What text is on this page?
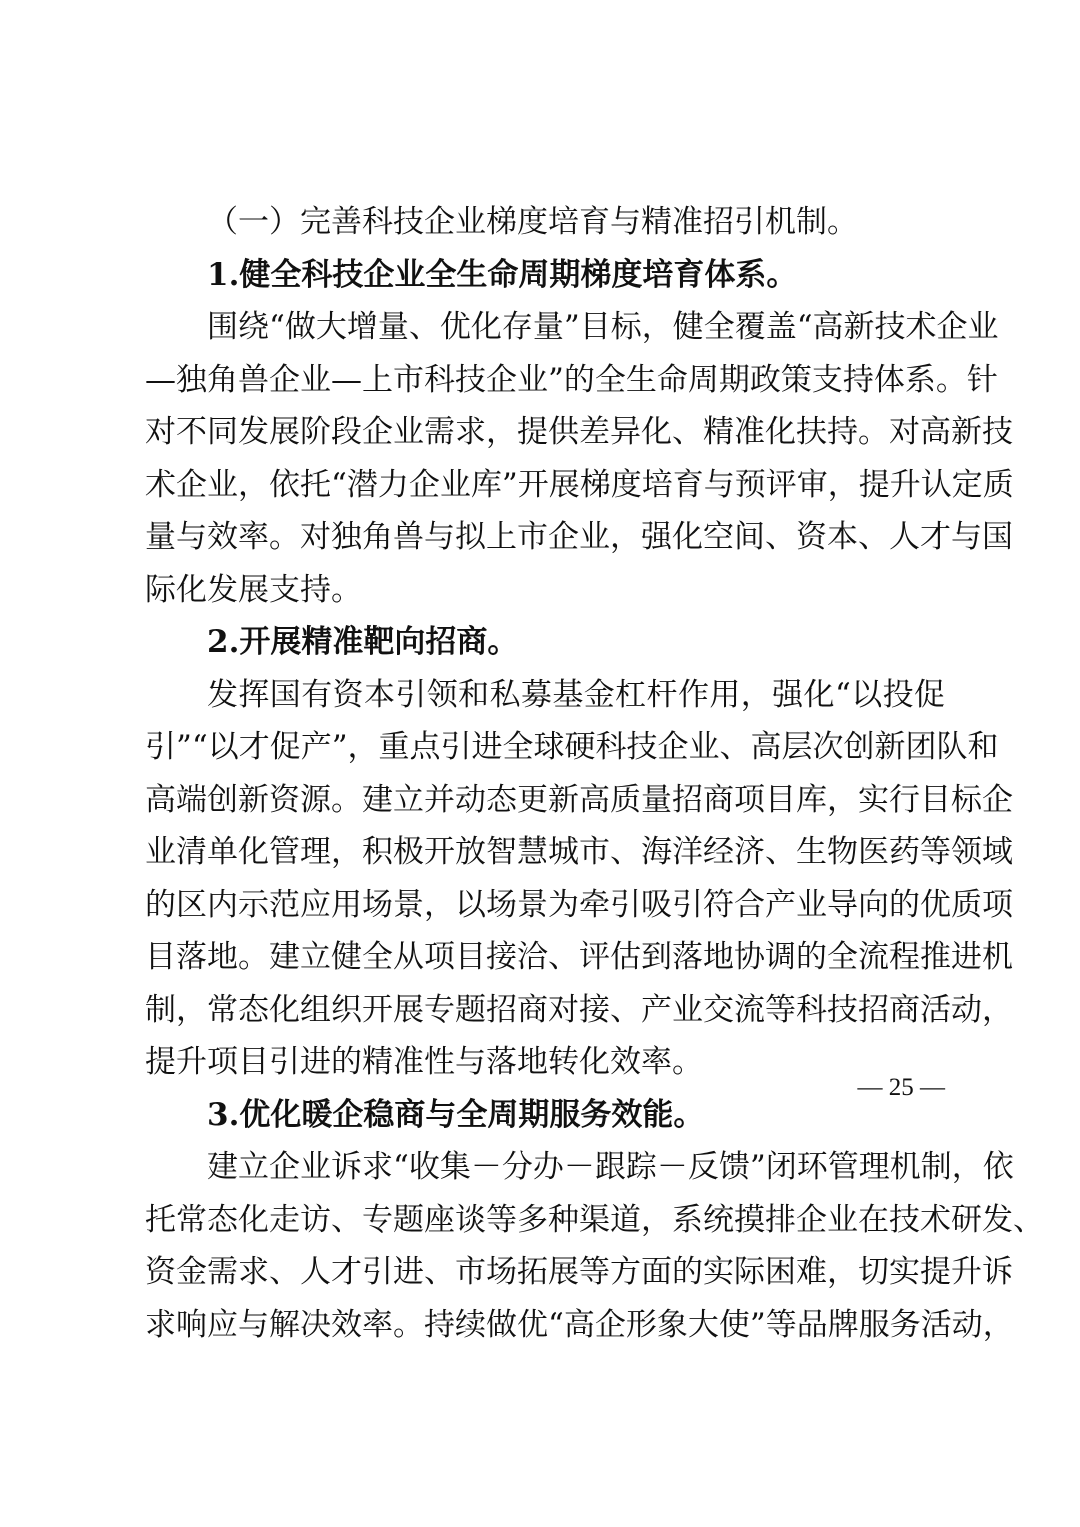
（一）完善科技企业梯度培育与精准招引机制。
1.健全科技企业全生命周期梯度培育体系。
围绕“做大增量、优化存量”目标，健全覆盖“高新技术企业
—独角兽企业—上市科技企业”的全生命周期政策支持体系。针
对不同发展阶段企业需求，提供差异化、精准化扶持。对高新技
术企业，依托“潜力企业库”开展梯度培育与预评审，提升认定质
量与效率。对独角兽与拟上市企业，强化空间、资本、人才与国
际化发展支持。
2.开展精准靶向招商。
发挥国有资本引领和私募基金杠杆作用，强化“以投促
引”“以才促产”，重点引进全球硬科技企业、高层次创新团队和
高端创新资源。建立并动态更新高质量招商项目库，实行目标企
业清单化管理，积极开放智慧城市、海洋经济、生物医药等领域
的区内示范应用场景，以场景为牵引吸引符合产业导向的优质项
目落地。建立健全从项目接洽、评估到落地协调的全流程推进机
制，常态化组织开展专题招商对接、产业交流等科技招商活动，
提升项目引进的精准性与落地转化效率。
3.优化暖企稳商与全周期服务效能。
建立企业诉求“收集－分办－跟踪－反馈”闭环管理机制，依
托常态化走访、专题座谈等多种渠道，系统摸排企业在技术研发、
资金需求、人才引进、市场拓展等方面的实际困难，切实提升诉
求响应与解决效率。持续做优“高企形象大使”等品牌服务活动，
— 25 —
